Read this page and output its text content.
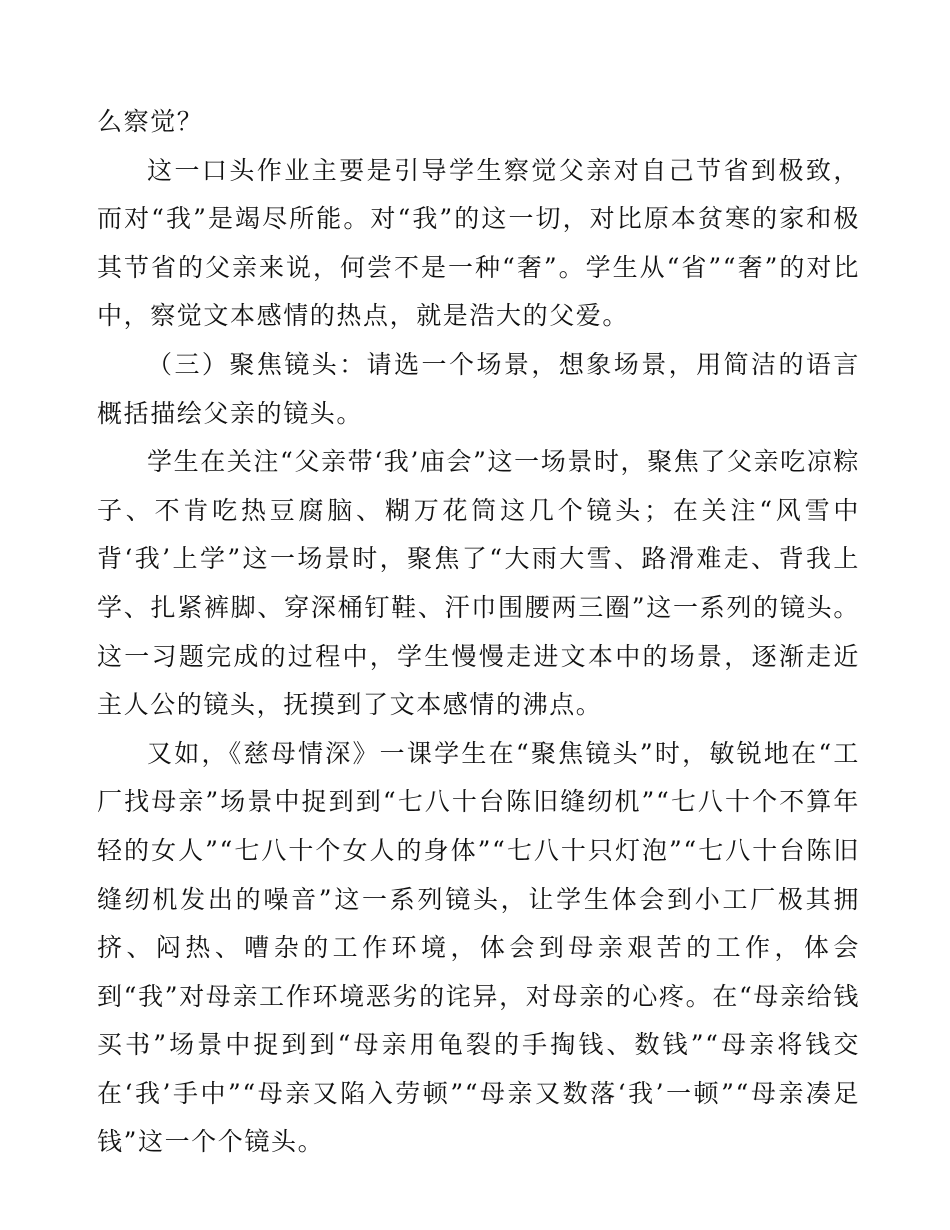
么察觉？

这一口头作业主要是引导学生察觉父亲对自己节省到极致，而对“我”是竭尽所能。对“我”的这一切，对比原本贫寒的家和极其节省的父亲来说，何尝不是一种“奢”。学生从“省”“奢”的对比中，察觉文本感情的热点，就是浩大的父爱。

（三）聚焦镜头：请选一个场景，想象场景，用简洁的语言概括描绘父亲的镜头。

学生在关注“父亲带‘我’庙会”这一场景时，聚焦了父亲吃凉粽子、不肯吃热豆腐脑、糊万花筒这几个镜头；在关注“风雪中背‘我’上学”这一场景时，聚焦了“大雨大雪、路滑难走、背我上学、扎紧裤脚、穿深桶钉鞋、汗巾围腰两三圈”这一系列的镜头。这一习题完成的过程中，学生慢慢走进文本中的场景，逐渐走近主人公的镜头，抚摸到了文本感情的沸点。

又如，《慈母情深》一课学生在“聚焦镜头”时，敏锐地在“工厂找母亲”场景中捉到到“七八十台陈旧缝纫机”“七八十个不算年轻的女人”“七八十个女人的身体”“七八十只灯泡”“七八十台陈旧缝纫机发出的噪音”这一系列镜头，让学生体会到小工厂极其拥挤、闷热、嘈杂的工作环境，体会到母亲艰苦的工作，体会到“我”对母亲工作环境恶劣的诧异，对母亲的心疼。在“母亲给钱买书”场景中捉到到“母亲用龟裂的手掏钱、数钱”“母亲将钱交在‘我’手中”“母亲又陷入劳顿”“母亲又数落‘我’一顿”“母亲凑足钱”这一个个镜头。
